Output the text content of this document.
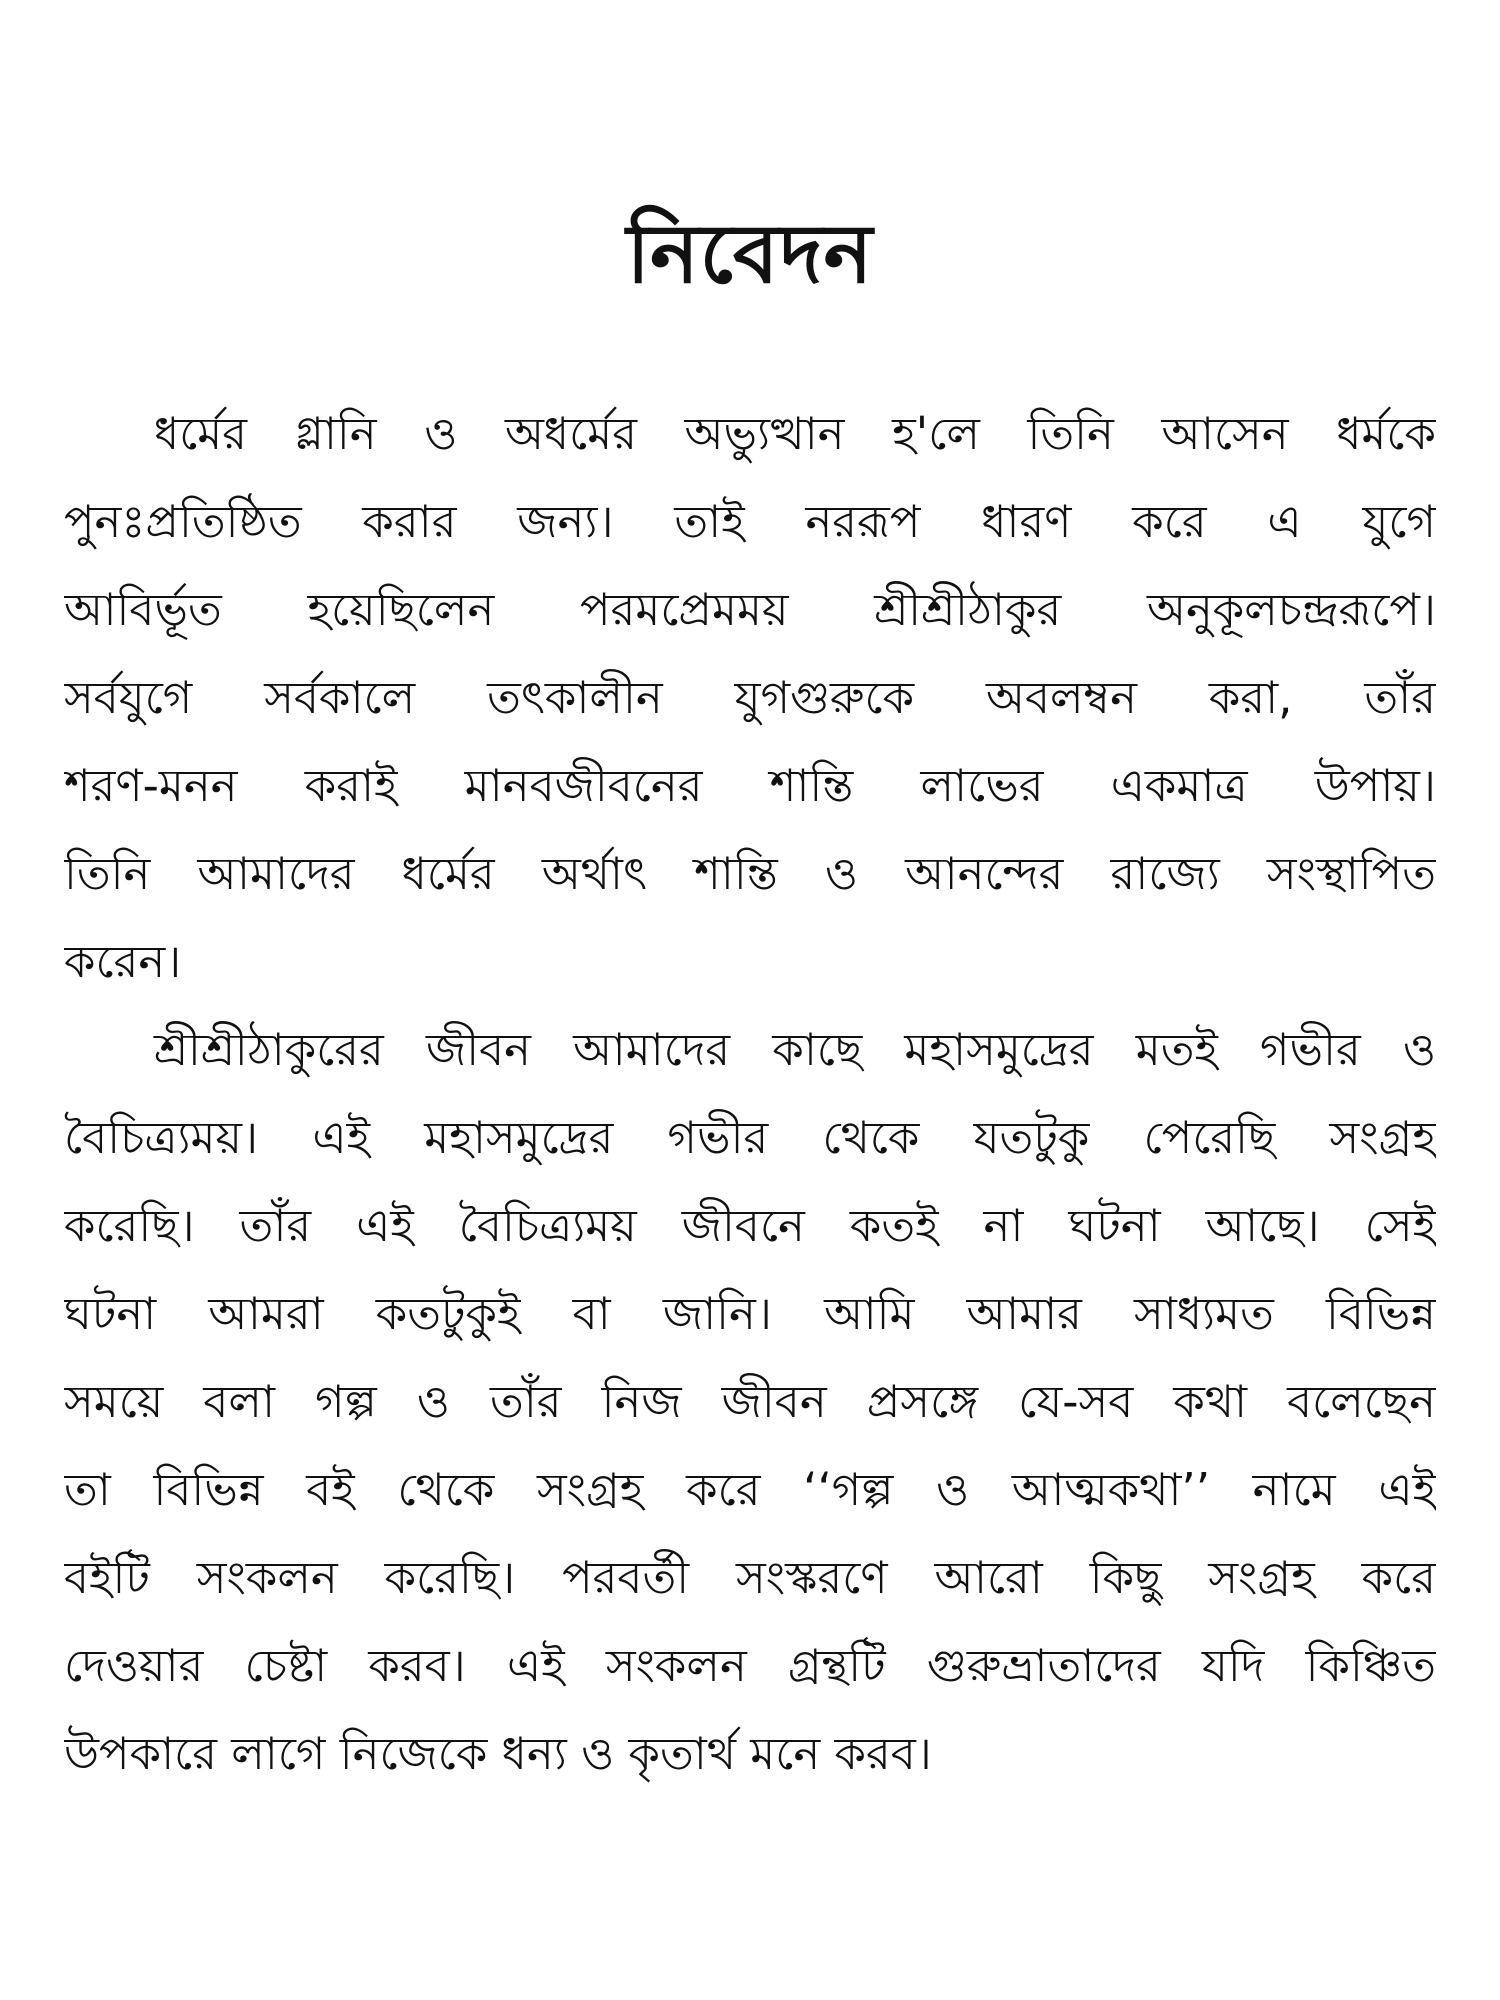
নিবেদন
ধর্মের গ্লানি ও অধর্মের অভ্যুত্থান হ'লে তিনি আসেন ধর্মকে
পুনঃপ্রতিষ্ঠিত করার জন্য। তাই নররূপ ধারণ করে এ যুগে
আবির্ভূত হয়েছিলেন পরমপ্রেমময় শ্রীশ্রীঠাকুর অনুকূলচন্দ্ররূপে।
সর্বযুগে সর্বকালে তৎকালীন যুগগুরুকে অবলম্বন করা, তাঁর
শরণ-মনন করাই মানবজীবনের শান্তি লাভের একমাত্র উপায়।
তিনি আমাদের ধর্মের অর্থাৎ শান্তি ও আনন্দের রাজ্যে সংস্থাপিত
করেন।
শ্রীশ্রীঠাকুরের জীবন আমাদের কাছে মহাসমুদ্রের মতই গভীর ও
বৈচিত্র্যময়। এই মহাসমুদ্রের গভীর থেকে যতটুকু পেরেছি সংগ্রহ
করেছি। তাঁর এই বৈচিত্র্যময় জীবনে কতই না ঘটনা আছে। সেই
ঘটনা আমরা কতটুকুই বা জানি। আমি আমার সাধ্যমত বিভিন্ন
সময়ে বলা গল্প ও তাঁর নিজ জীবন প্রসঙ্গে যে-সব কথা বলেছেন
তা বিভিন্ন বই থেকে সংগ্রহ করে ‘‘গল্প ও আত্মকথা’’ নামে এই
বইটি সংকলন করেছি। পরবর্তী সংস্করণে আরো কিছু সংগ্রহ করে
দেওয়ার চেষ্টা করব। এই সংকলন গ্রন্থটি গুরুভ্রাতাদের যদি কিঞ্চিত
উপকারে লাগে নিজেকে ধন্য ও কৃতার্থ মনে করব।
